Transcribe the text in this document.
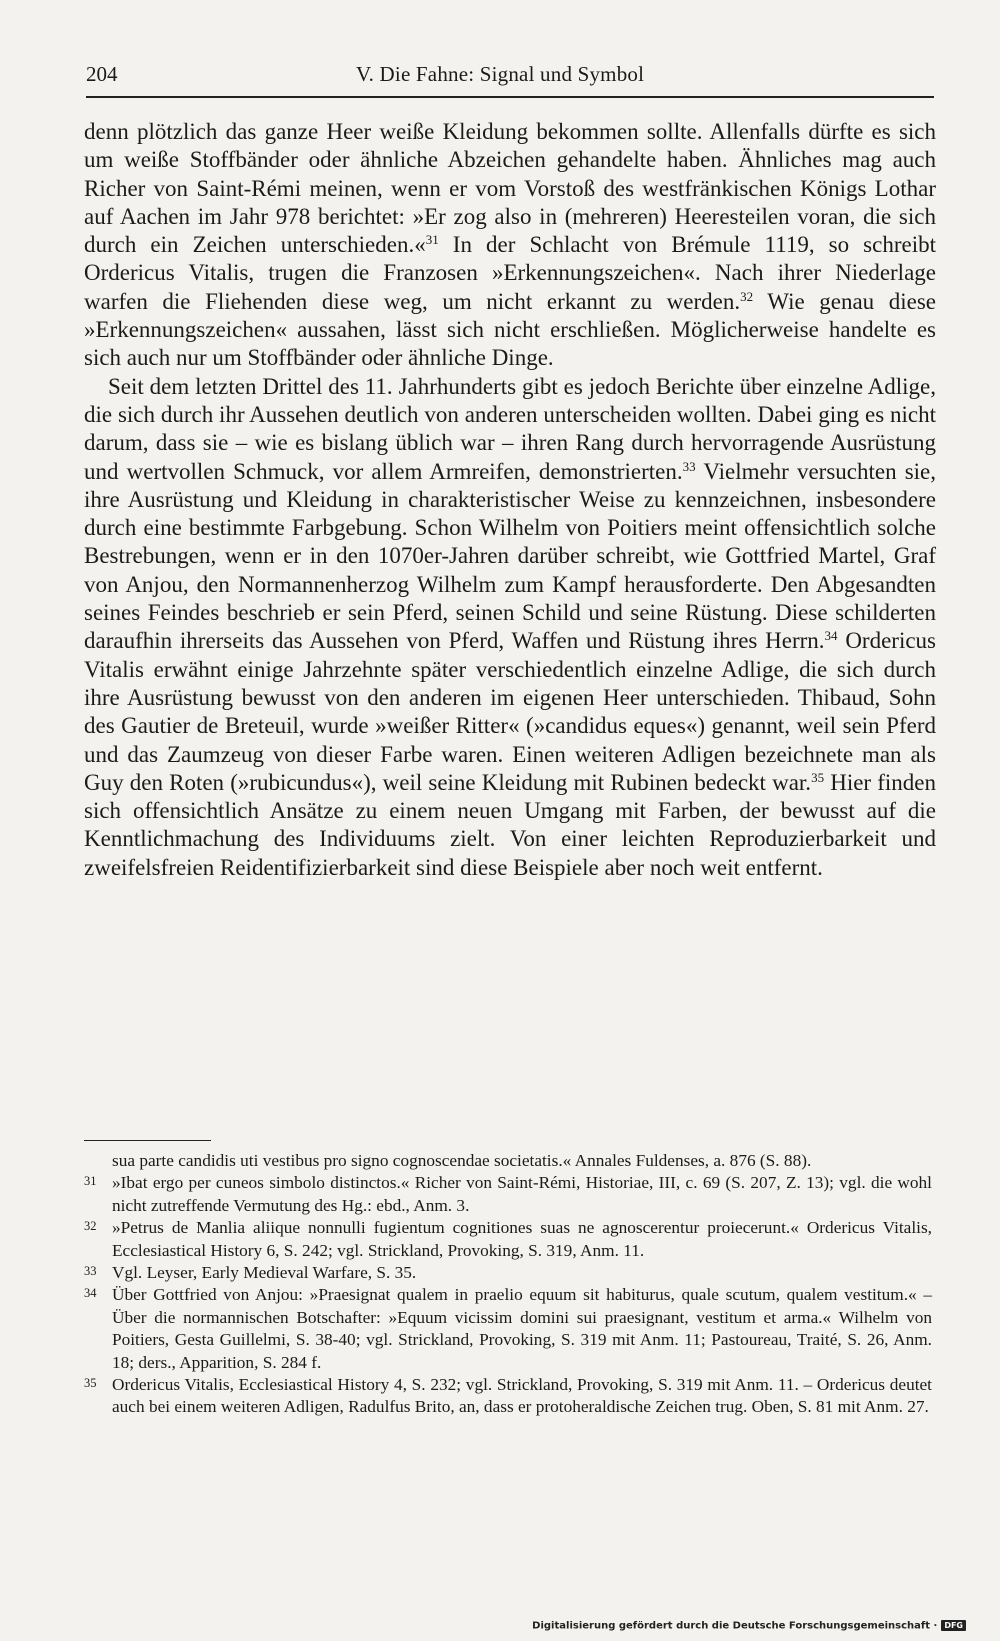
204	V. Die Fahne: Signal und Symbol

denn plötzlich das ganze Heer weiße Kleidung bekommen sollte. Allenfalls dürfte es sich um weiße Stoffbänder oder ähnliche Abzeichen gehandelte haben. Ähnliches mag auch Richer von Saint-Rémi meinen, wenn er vom Vorstoß des westfränkischen Königs Lothar auf Aachen im Jahr 978 berichtet: »Er zog also in (mehreren) Heeresteilen voran, die sich durch ein Zeichen unterschieden.«$^{31}$ In der Schlacht von Brémule 1119, so schreibt Ordericus Vitalis, trugen die Franzosen »Erkennungszeichen«. Nach ihrer Niederlage warfen die Fliehenden diese weg, um nicht erkannt zu werden.$^{32}$ Wie genau diese »Erkennungszeichen« aussahen, lässt sich nicht erschließen. Möglicherweise handelte es sich auch nur um Stoffbänder oder ähnliche Dinge.

Seit dem letzten Drittel des 11. Jahrhunderts gibt es jedoch Berichte über einzelne Adlige, die sich durch ihr Aussehen deutlich von anderen unterscheiden wollten. Dabei ging es nicht darum, dass sie – wie es bislang üblich war – ihren Rang durch hervorragende Ausrüstung und wertvollen Schmuck, vor allem Armreifen, demonstrierten.$^{33}$ Vielmehr versuchten sie, ihre Ausrüstung und Kleidung in charakteristischer Weise zu kennzeichnen, insbesondere durch eine bestimmte Farbgebung. Schon Wilhelm von Poitiers meint offensichtlich solche Bestrebungen, wenn er in den 1070er-Jahren darüber schreibt, wie Gottfried Martel, Graf von Anjou, den Normannenherzog Wilhelm zum Kampf herausforderte. Den Abgesandten seines Feindes beschrieb er sein Pferd, seinen Schild und seine Rüstung. Diese schilderten daraufhin ihrerseits das Aussehen von Pferd, Waffen und Rüstung ihres Herrn.$^{34}$ Ordericus Vitalis erwähnt einige Jahrzehnte später verschiedentlich einzelne Adlige, die sich durch ihre Ausrüstung bewusst von den anderen im eigenen Heer unterschieden. Thibaud, Sohn des Gautier de Breteuil, wurde »weißer Ritter« (»candidus eques«) genannt, weil sein Pferd und das Zaumzeug von dieser Farbe waren. Einen weiteren Adligen bezeichnete man als Guy den Roten (»rubicundus«), weil seine Kleidung mit Rubinen bedeckt war.$^{35}$ Hier finden sich offensichtlich Ansätze zu einem neuen Umgang mit Farben, der bewusst auf die Kenntlichmachung des Individuums zielt. Von einer leichten Reproduzierbarkeit und zweifelsfreien Reidentifizierbarkeit sind diese Beispiele aber noch weit entfernt.

sua parte candidis uti vestibus pro signo cognoscendae societatis.« Annales Fuldenses, a. 876 (S. 88).
31 »Ibat ergo per cuneos simbolo distinctos.« Richer von Saint-Rémi, Historiae, III, c. 69 (S. 207, Z. 13); vgl. die wohl nicht zutreffende Vermutung des Hg.: ebd., Anm. 3.
32 »Petrus de Manlia aliique nonnulli fugientum cognitiones suas ne agnoscerentur proiecerunt.« Ordericus Vitalis, Ecclesiastical History 6, S. 242; vgl. Strickland, Provoking, S. 319, Anm. 11.
33 Vgl. Leyser, Early Medieval Warfare, S. 35.
34 Über Gottfried von Anjou: »Praesignat qualem in praelio equum sit habiturus, quale scutum, qualem vestitum.« – Über die normannischen Botschafter: »Equum vicissim domini sui praesignant, vestitum et arma.« Wilhelm von Poitiers, Gesta Guillelmi, S. 38-40; vgl. Strickland, Provoking, S. 319 mit Anm. 11; Pastoureau, Traité, S. 26, Anm. 18; ders., Apparition, S. 284 f.
35 Ordericus Vitalis, Ecclesiastical History 4, S. 232; vgl. Strickland, Provoking, S. 319 mit Anm. 11. – Ordericus deutet auch bei einem weiteren Adligen, Radulfus Brito, an, dass er protoheraldische Zeichen trug. Oben, S. 81 mit Anm. 27.
Digitalisierung gefördert durch die Deutsche Forschungsgemeinschaft · DFG
